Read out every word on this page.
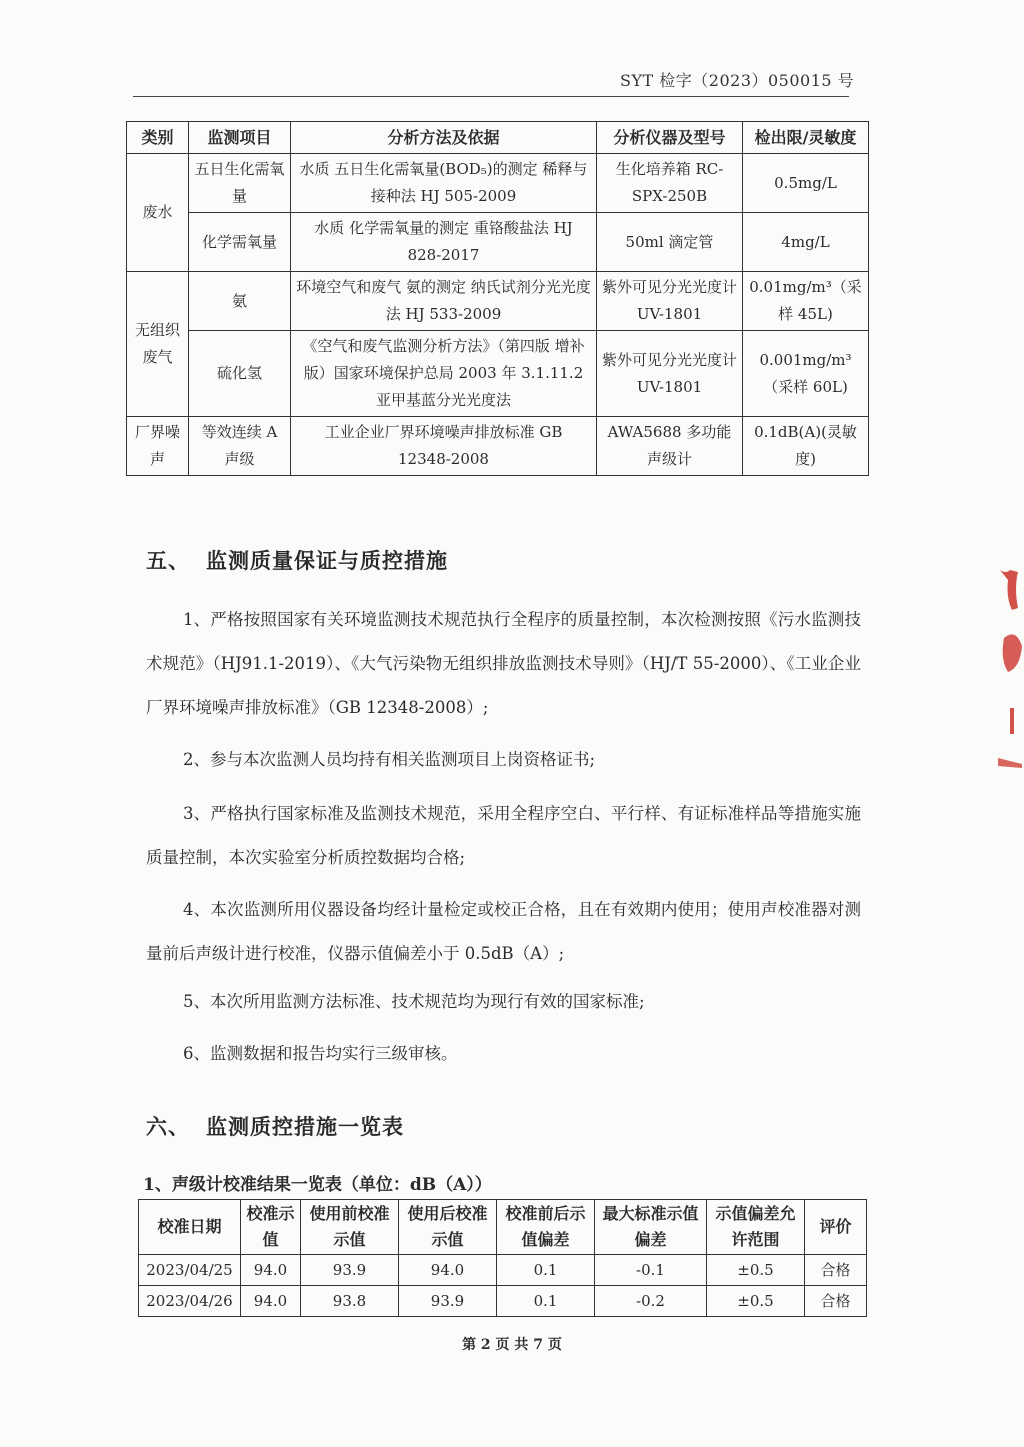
SYT 检字（2023）050015 号
类别	监测项目	分析方法及依据	分析仪器及型号	检出限/灵敏度
废水	五日生化需氧量	水质 五日生化需氧量(BOD₅)的测定 稀释与接种法 HJ 505-2009	生化培养箱 RC-SPX-250B	0.5mg/L
	化学需氧量	水质 化学需氧量的测定 重铬酸盐法 HJ 828-2017	50ml 滴定管	4mg/L
无组织废气	氨	环境空气和废气 氨的测定 纳氏试剂分光光度法 HJ 533-2009	紫外可见分光光度计 UV-1801	0.01mg/m³（采样 45L)
	硫化氢	《空气和废气监测分析方法》（第四版 增补版）国家环境保护总局 2003 年 3.1.11.2 亚甲基蓝分光光度法	紫外可见分光光度计 UV-1801	0.001mg/m³（采样 60L)
厂界噪声	等效连续 A 声级	工业企业厂界环境噪声排放标准 GB 12348-2008	AWA5688 多功能声级计	0.1dB(A)(灵敏度)
五、 监测质量保证与质控措施

1、严格按照国家有关环境监测技术规范执行全程序的质量控制，本次检测按照《污水监测技术规范》（HJ91.1-2019）、《大气污染物无组织排放监测技术导则》（HJ/T 55-2000）、《工业企业厂界环境噪声排放标准》（GB 12348-2008）;

2、参与本次监测人员均持有相关监测项目上岗资格证书;

3、严格执行国家标准及监测技术规范，采用全程序空白、平行样、有证标准样品等措施实施质量控制，本次实验室分析质控数据均合格;

4、本次监测所用仪器设备均经计量检定或校正合格，且在有效期内使用；使用声校准器对测量前后声级计进行校准，仪器示值偏差小于 0.5dB（A）;

5、本次所用监测方法标准、技术规范均为现行有效的国家标准;

6、监测数据和报告均实行三级审核。

六、 监测质控措施一览表
1、声级计校准结果一览表（单位：dB（A））
校准日期	校准示值	使用前校准示值	使用后校准示值	校准前后示值偏差	最大标准示值偏差	示值偏差允许范围	评价
2023/04/25	94.0	93.9	94.0	0.1	-0.1	±0.5	合格
2023/04/26	94.0	93.8	93.9	0.1	-0.2	±0.5	合格
第 2 页 共 7 页
